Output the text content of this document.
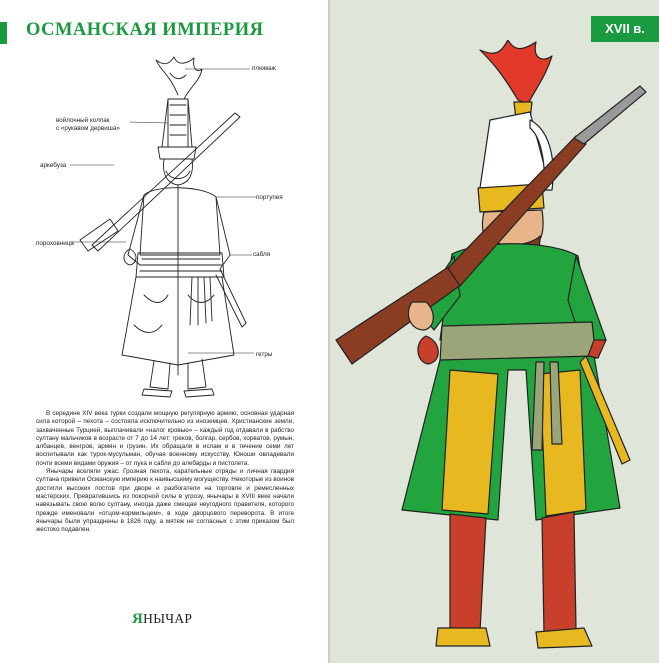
ОСМАНСКАЯ ИМПЕРИЯ
плюмаж
войлочный колпак
с «рукавом дервиша»
аркебуза
портупея
пороховница
сабля
гетры

В середине XIV века турки создали мощную регулярную армию, основная ударная сила которой – пехота – состояла исключительно из иноземцев. Христианские земли, захваченные Турцией, выплачивали «налог кровью» – каждый год отдавали в рабство султану мальчиков в возрасте от 7 до 14 лет: греков, болгар, сербов, хорватов, румын, албанцев, венгров, армян и грузин. Их обращали в ислам и в течение семи лет воспитывали как турок-мусульман, обучая военному искусству. Юноши овладевали почти всеми видами оружия – от лука и сабли до алебарды и пистолета.

Янычары вселяли ужас. Грозная пехота, карательные отряды и личная гвардия султана привели Османскую империю к наивысшему могуществу. Некоторые из воинов достигли высоких постов при дворе и разбогатели на торговле и ремесленных мастерских. Превратившись из покорной силы в угрозу, янычары в XVIII веке начали навязывать свою волю султану, иногда даже смещая неугодного правителя, которого прежде именовали «отцом-кормильцем», в ходе дворцового переворота. В итоге янычары были упразднены в 1826 году, а мятеж не согласных с этим приказом был жестоко подавлен.

ЯНЫЧАР
XVII в.
